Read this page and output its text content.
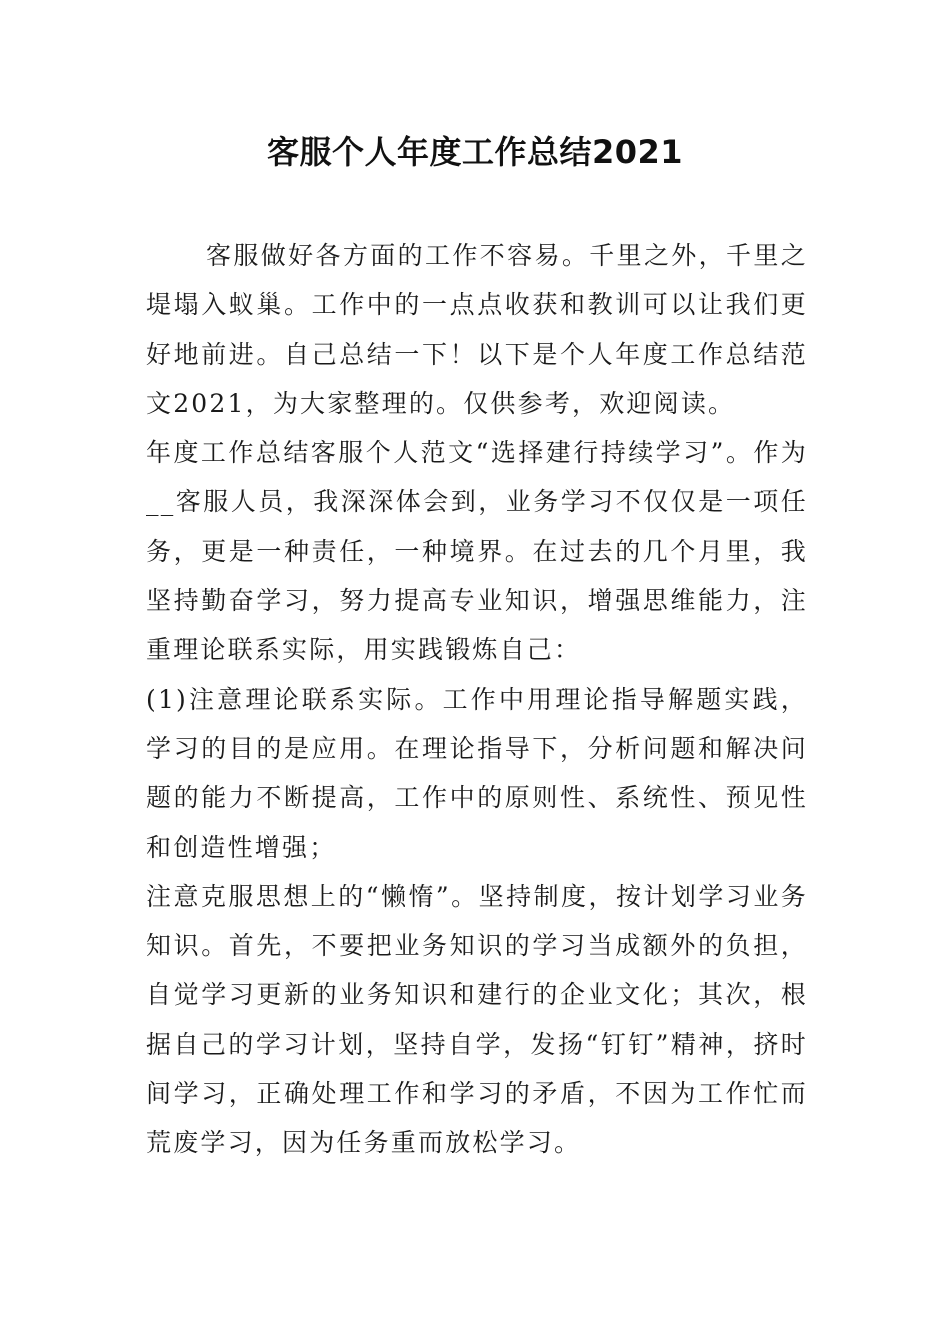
客服个人年度工作总结2021

客服做好各方面的工作不容易。千里之外，千里之堤塌入蚁巢。工作中的一点点收获和教训可以让我们更好地前进。自己总结一下！以下是个人年度工作总结范文2021，为大家整理的。仅供参考，欢迎阅读。

年度工作总结客服个人范文“选择建行持续学习”。作为__客服人员，我深深体会到，业务学习不仅仅是一项任务，更是一种责任，一种境界。在过去的几个月里，我坚持勤奋学习，努力提高专业知识，增强思维能力，注重理论联系实际，用实践锻炼自己：

(1)注意理论联系实际。工作中用理论指导解题实践，学习的目的是应用。在理论指导下，分析问题和解决问题的能力不断提高，工作中的原则性、系统性、预见性和创造性增强；

注意克服思想上的“懒惰”。坚持制度，按计划学习业务知识。首先，不要把业务知识的学习当成额外的负担，自觉学习更新的业务知识和建行的企业文化；其次，根据自己的学习计划，坚持自学，发扬“钉钉”精神，挤时间学习，正确处理工作和学习的矛盾，不因为工作忙而荒废学习，因为任务重而放松学习。
